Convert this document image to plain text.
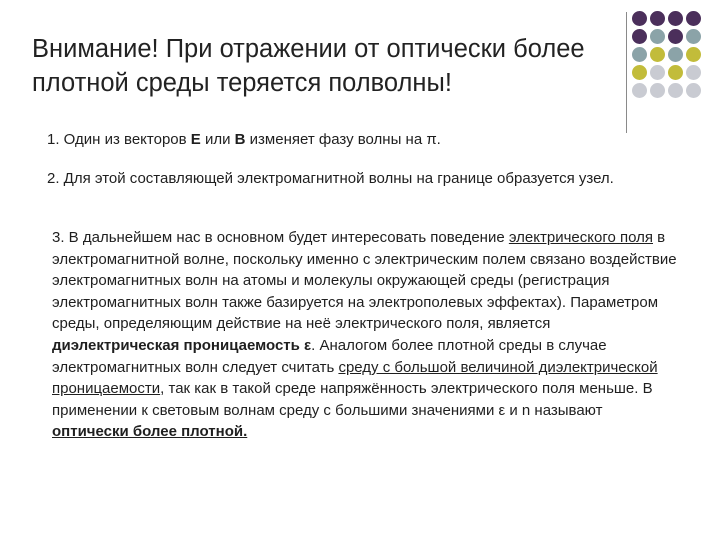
Внимание! При отражении от оптически более плотной среды теряется полволны!

1. Один из векторов Е или В изменяет фазу волны на π.

2. Для этой составляющей электромагнитной волны на границе образуется узел.

3. В дальнейшем нас в основном будет интересовать поведение электрического поля в электромагнитной волне, поскольку именно с электрическим полем связано воздействие электромагнитных волн на атомы и молекулы окружающей среды (регистрация электромагнитных волн также базируется на электрополевых эффектах). Параметром среды, определяющим действие на неё электрического поля, является диэлектрическая проницаемость ε. Аналогом более плотной среды в случае электромагнитных волн следует считать среду с большой величиной диэлектрической проницаемости, так как в такой среде напряжённость электрического поля меньше. В применении к световым волнам среду с большими значениями ε и n называют оптически более плотной.
